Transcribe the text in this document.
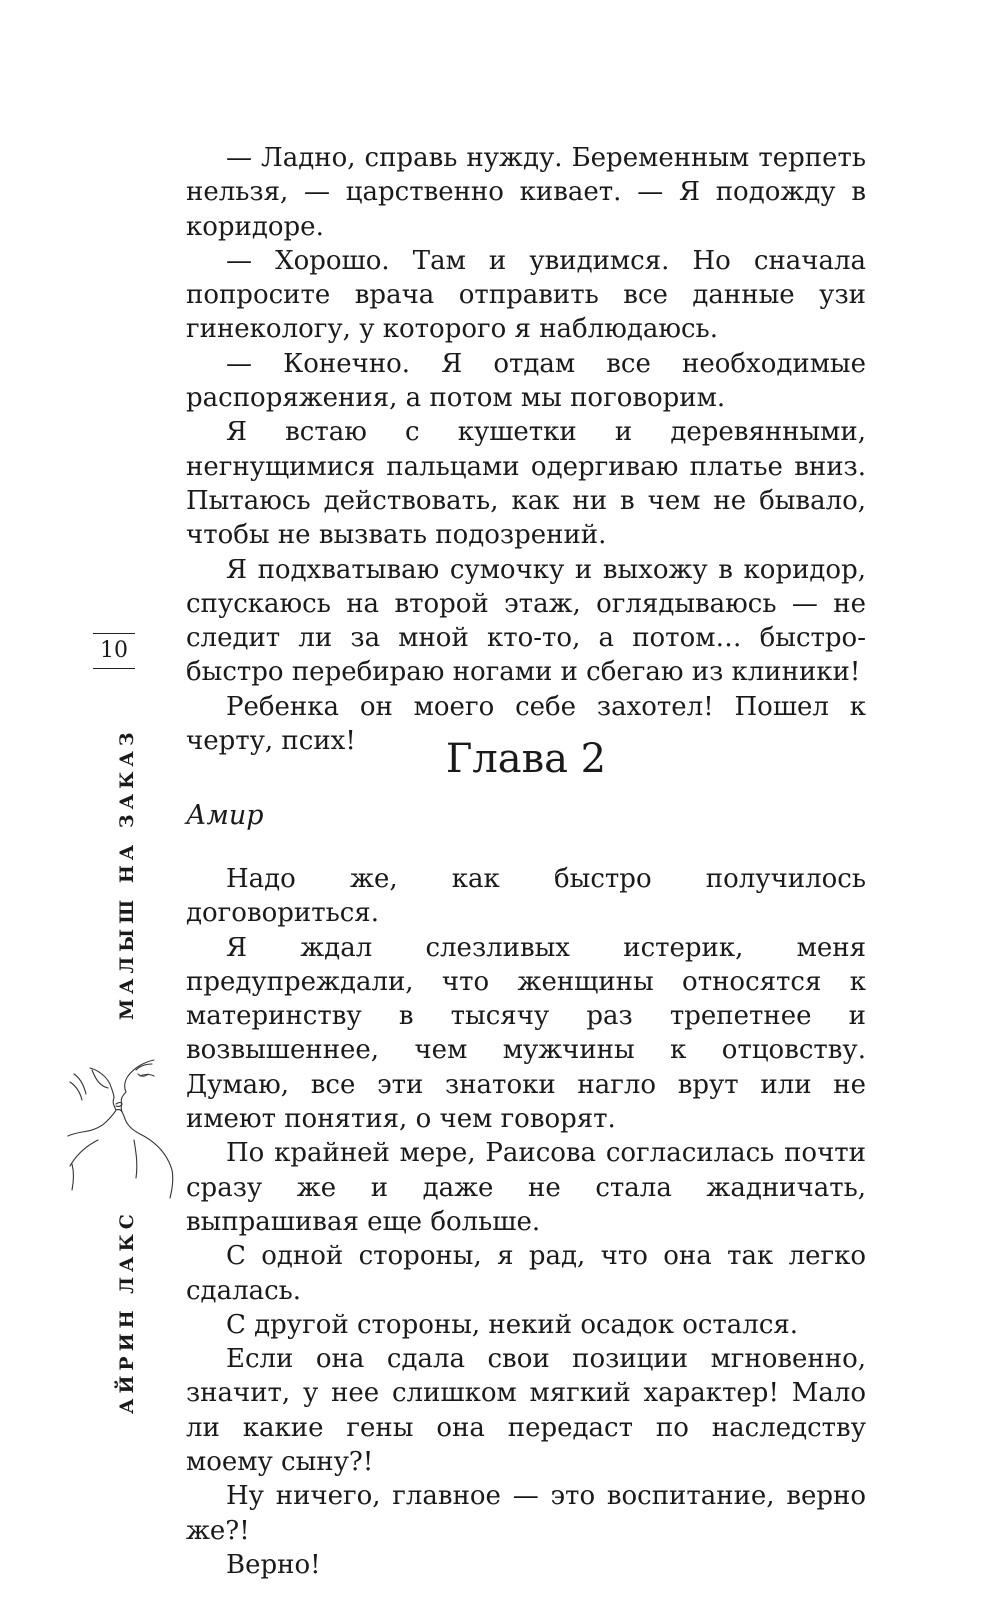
10
МАЛЫШ НА ЗАКАЗ
АЙРИН ЛАКС

— Ладно, справь нужду. Беременным терпеть нельзя, — царственно кивает. — Я подожду в коридоре.

— Хорошо. Там и увидимся. Но сначала попросите врача отправить все данные узи гинекологу, у которого я наблюдаюсь.

— Конечно. Я отдам все необходимые распоряжения, а потом мы поговорим.

Я встаю с кушетки и деревянными, негнущимися пальцами одергиваю платье вниз. Пытаюсь действовать, как ни в чем не бывало, чтобы не вызвать подозрений.

Я подхватываю сумочку и выхожу в коридор, спускаюсь на второй этаж, оглядываюсь — не следит ли за мной кто-то, а потом… быстро-быстро перебираю ногами и сбегаю из клиники!

Ребенка он моего себе захотел! Пошел к черту, псих!	Глава 2
Амир

Надо же, как быстро получилось договориться.

Я ждал слезливых истерик, меня предупреждали, что женщины относятся к материнству в тысячу раз трепетнее и возвышеннее, чем мужчины к отцовству. Думаю, все эти знатоки нагло врут или не имеют понятия, о чем говорят.

По крайней мере, Раисова согласилась почти сразу же и даже не стала жадничать, выпрашивая еще больше.

С одной стороны, я рад, что она так легко сдалась.

С другой стороны, некий осадок остался.

Если она сдала свои позиции мгновенно, значит, у нее слишком мягкий характер! Мало ли какие гены она передаст по наследству моему сыну?!

Ну ничего, главное — это воспитание, верно же?!

Верно!
